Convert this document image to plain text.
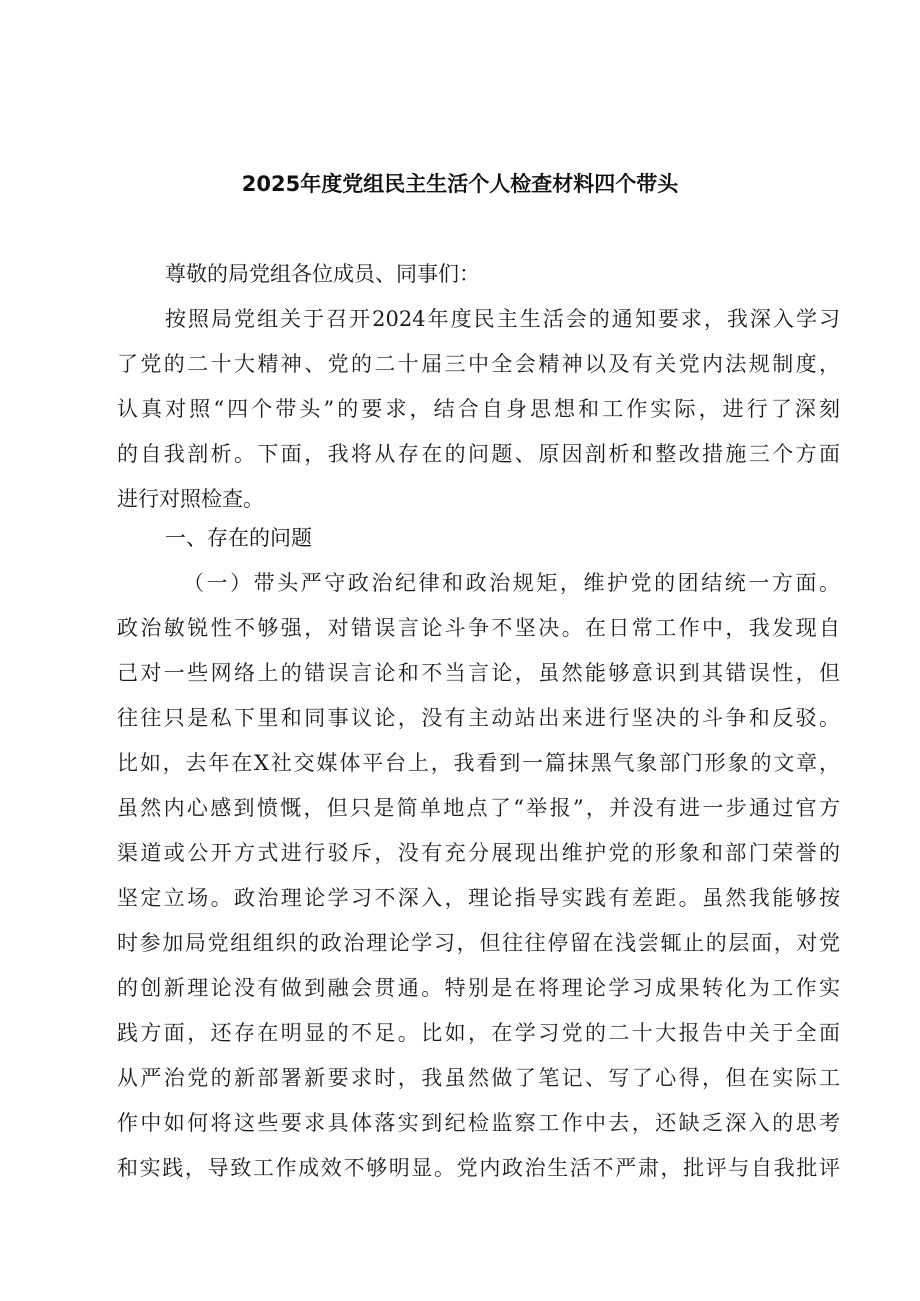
2025年度党组民主生活个人检查材料四个带头
尊敬的局党组各位成员、同事们：
按照局党组关于召开2024年度民主生活会的通知要求，我深入学习
了党的二十大精神、党的二十届三中全会精神以及有关党内法规制度，
认真对照“四个带头”的要求，结合自身思想和工作实际，进行了深刻
的自我剖析。下面，我将从存在的问题、原因剖析和整改措施三个方面
进行对照检查。
一、存在的问题
（一）带头严守政治纪律和政治规矩，维护党的团结统一方面。
政治敏锐性不够强，对错误言论斗争不坚决。在日常工作中，我发现自
己对一些网络上的错误言论和不当言论，虽然能够意识到其错误性，但
往往只是私下里和同事议论，没有主动站出来进行坚决的斗争和反驳。
比如，去年在X社交媒体平台上，我看到一篇抹黑气象部门形象的文章，
虽然内心感到愤慨，但只是简单地点了“举报”，并没有进一步通过官方
渠道或公开方式进行驳斥，没有充分展现出维护党的形象和部门荣誉的
坚定立场。政治理论学习不深入，理论指导实践有差距。虽然我能够按
时参加局党组组织的政治理论学习，但往往停留在浅尝辄止的层面，对党
的创新理论没有做到融会贯通。特别是在将理论学习成果转化为工作实
践方面，还存在明显的不足。比如，在学习党的二十大报告中关于全面
从严治党的新部署新要求时，我虽然做了笔记、写了心得，但在实际工
作中如何将这些要求具体落实到纪检监察工作中去，还缺乏深入的思考
和实践，导致工作成效不够明显。党内政治生活不严肃，批评与自我批评
